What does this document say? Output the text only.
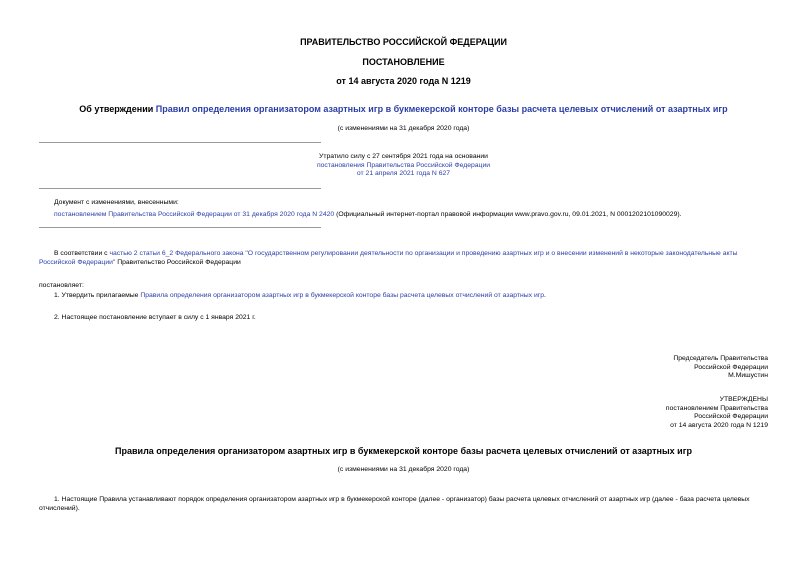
ПРАВИТЕЛЬСТВО РОССИЙСКОЙ ФЕДЕРАЦИИ
ПОСТАНОВЛЕНИЕ
от 14 августа 2020 года N 1219
Об утверждении Правил определения организатором азартных игр в букмекерской конторе базы расчета целевых отчислений от азартных игр
(с изменениями на 31 декабря 2020 года)
Утратило силу с 27 сентября 2021 года на основании
постановления Правительства Российской Федерации
от 21 апреля 2021 года N 627
Документ с изменениями, внесенными:
постановлением Правительства Российской Федерации от 31 декабря 2020 года N 2420 (Официальный интернет-портал правовой информации www.pravo.gov.ru, 09.01.2021, N 0001202101090029).
В соответствии с частью 2 статьи 6_2 Федерального закона "О государственном регулировании деятельности по организации и проведению азартных игр и о внесении изменений в некоторые законодательные акты Российской Федерации" Правительство Российской Федерации
постановляет:
1. Утвердить прилагаемые Правила определения организатором азартных игр в букмекерской конторе базы расчета целевых отчислений от азартных игр.
2. Настоящее постановление вступает в силу с 1 января 2021 г.
Председатель Правительства
Российской Федерации
М.Мишустин
УТВЕРЖДЕНЫ
постановлением Правительства
Российской Федерации
от 14 августа 2020 года N 1219
Правила определения организатором азартных игр в букмекерской конторе базы расчета целевых отчислений от азартных игр
(с изменениями на 31 декабря 2020 года)
1. Настоящие Правила устанавливают порядок определения организатором азартных игр в букмекерской конторе (далее - организатор) базы расчета целевых отчислений от азартных игр (далее - база расчета целевых отчислений).
